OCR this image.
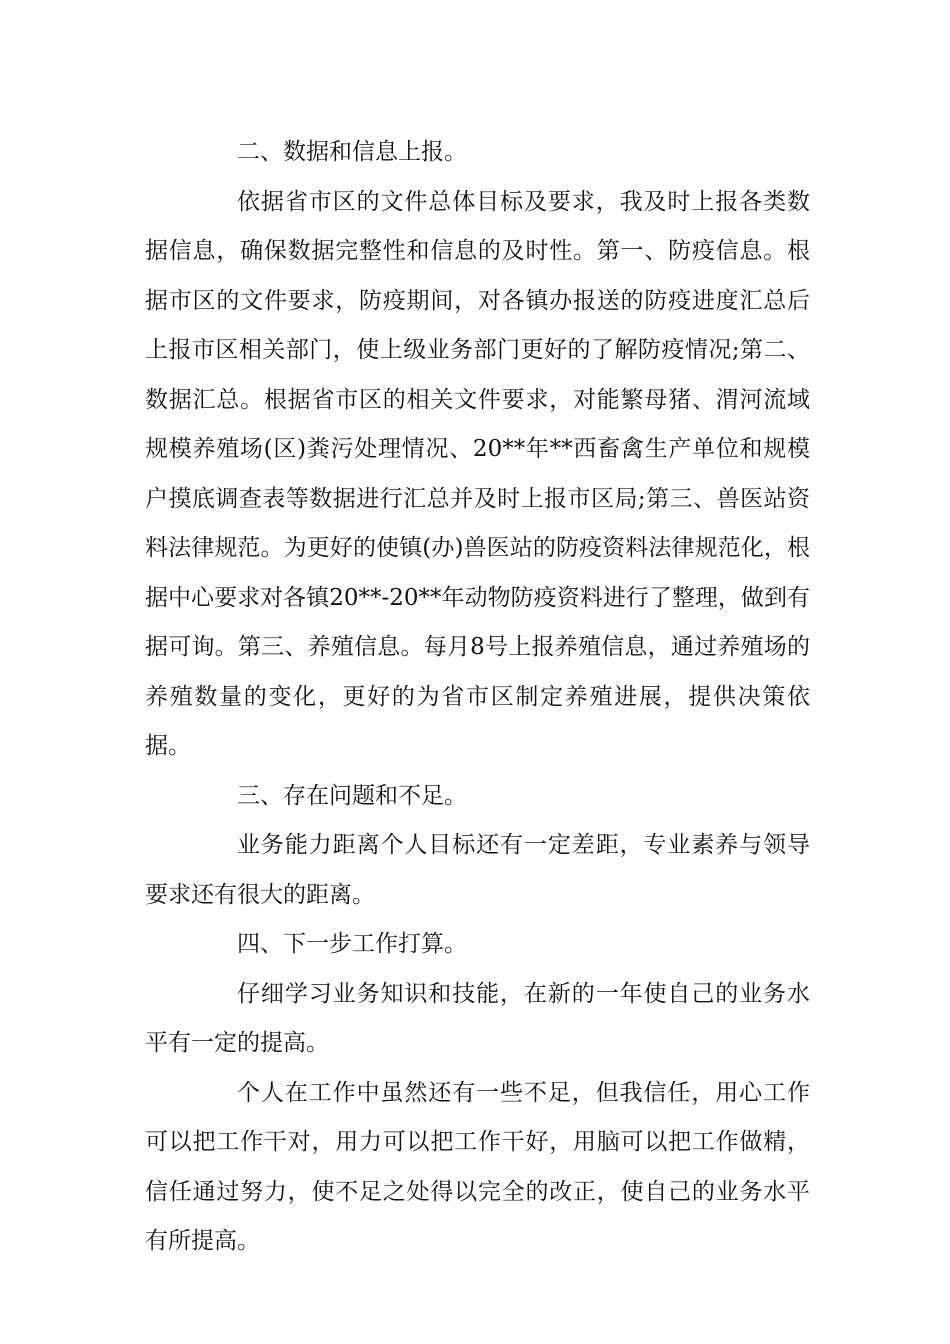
二、数据和信息上报。

依据省市区的文件总体目标及要求，我及时上报各类数据信息，确保数据完整性和信息的及时性。第一、防疫信息。根据市区的文件要求，防疫期间，对各镇办报送的防疫进度汇总后上报市区相关部门，使上级业务部门更好的了解防疫情况;第二、数据汇总。根据省市区的相关文件要求，对能繁母猪、渭河流域规模养殖场(区)粪污处理情况、20**年**西畜禽生产单位和规模户摸底调查表等数据进行汇总并及时上报市区局;第三、兽医站资料法律规范。为更好的使镇(办)兽医站的防疫资料法律规范化，根据中心要求对各镇20**-20**年动物防疫资料进行了整理，做到有据可询。第三、养殖信息。每月8号上报养殖信息，通过养殖场的养殖数量的变化，更好的为省市区制定养殖进展，提供决策依据。

三、存在问题和不足。

业务能力距离个人目标还有一定差距，专业素养与领导要求还有很大的距离。

四、下一步工作打算。

仔细学习业务知识和技能，在新的一年使自己的业务水平有一定的提高。

个人在工作中虽然还有一些不足，但我信任，用心工作可以把工作干对，用力可以把工作干好，用脑可以把工作做精，信任通过努力，使不足之处得以完全的改正，使自己的业务水平有所提高。
